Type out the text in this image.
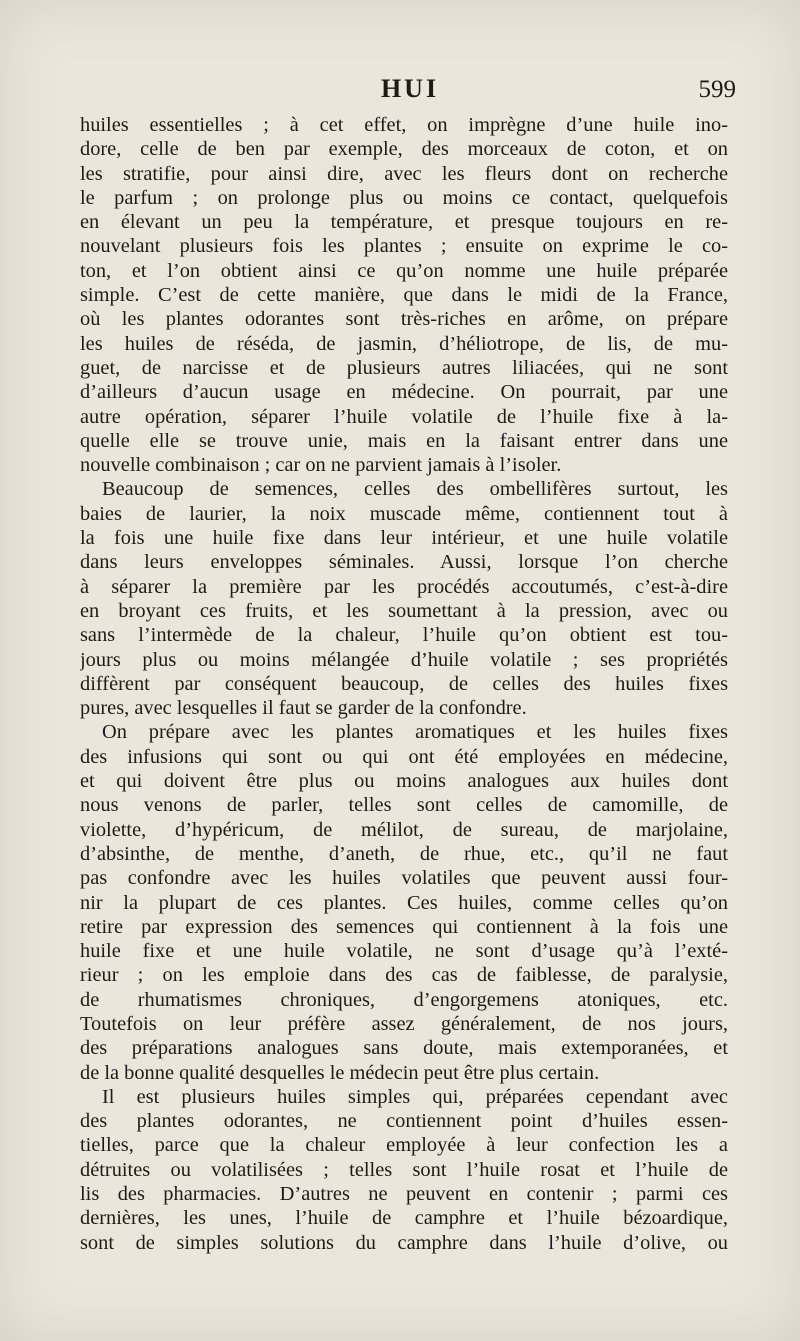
HUI	599

huiles essentielles ; à cet effet, on imprègne d’une huile ino-
dore, celle de ben par exemple, des morceaux de coton, et on
les stratifie, pour ainsi dire, avec les fleurs dont on recherche
le parfum ; on prolonge plus ou moins ce contact, quelquefois
en élevant un peu la température, et presque toujours en re-
nouvelant plusieurs fois les plantes ; ensuite on exprime le co-
ton, et l’on obtient ainsi ce qu’on nomme une huile préparée
simple. C’est de cette manière, que dans le midi de la France,
où les plantes odorantes sont très-riches en arôme, on prépare
les huiles de réséda, de jasmin, d’héliotrope, de lis, de mu-
guet, de narcisse et de plusieurs autres liliacées, qui ne sont
d’ailleurs d’aucun usage en médecine. On pourrait, par une
autre opération, séparer l’huile volatile de l’huile fixe à la-
quelle elle se trouve unie, mais en la faisant entrer dans une
nouvelle combinaison ; car on ne parvient jamais à l’isoler.

Beaucoup de semences, celles des ombellifères surtout, les
baies de laurier, la noix muscade même, contiennent tout à
la fois une huile fixe dans leur intérieur, et une huile volatile
dans leurs enveloppes séminales. Aussi, lorsque l’on cherche
à séparer la première par les procédés accoutumés, c’est-à-dire
en broyant ces fruits, et les soumettant à la pression, avec ou
sans l’intermède de la chaleur, l’huile qu’on obtient est tou-
jours plus ou moins mélangée d’huile volatile ; ses propriétés
diffèrent par conséquent beaucoup, de celles des huiles fixes
pures, avec lesquelles il faut se garder de la confondre.

On prépare avec les plantes aromatiques et les huiles fixes
des infusions qui sont ou qui ont été employées en médecine,
et qui doivent être plus ou moins analogues aux huiles dont
nous venons de parler, telles sont celles de camomille, de
violette, d’hypéricum, de mélilot, de sureau, de marjolaine,
d’absinthe, de menthe, d’aneth, de rhue, etc., qu’il ne faut
pas confondre avec les huiles volatiles que peuvent aussi four-
nir la plupart de ces plantes. Ces huiles, comme celles qu’on
retire par expression des semences qui contiennent à la fois une
huile fixe et une huile volatile, ne sont d’usage qu’à l’exté-
rieur ; on les emploie dans des cas de faiblesse, de paralysie,
de rhumatismes chroniques, d’engorgemens atoniques, etc.
Toutefois on leur préfère assez généralement, de nos jours,
des préparations analogues sans doute, mais extemporanées, et
de la bonne qualité desquelles le médecin peut être plus certain.

Il est plusieurs huiles simples qui, préparées cependant avec
des plantes odorantes, ne contiennent point d’huiles essen-
tielles, parce que la chaleur employée à leur confection les a
détruites ou volatilisées ; telles sont l’huile rosat et l’huile de
lis des pharmacies. D’autres ne peuvent en contenir ; parmi ces
dernières, les unes, l’huile de camphre et l’huile bézoardique,
sont de simples solutions du camphre dans l’huile d’olive, ou
